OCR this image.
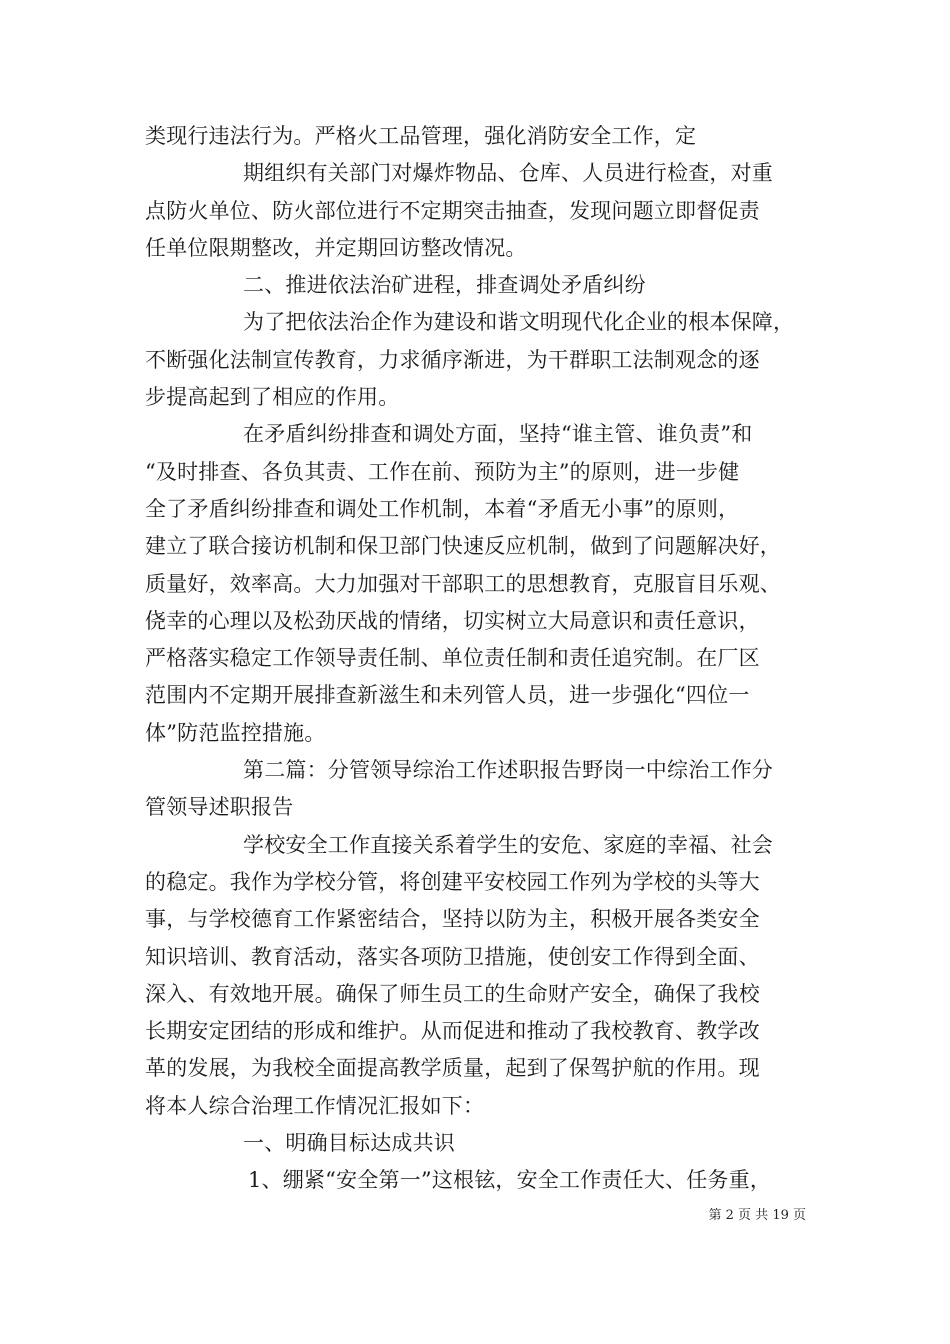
类现行违法行为。严格火工品管理，强化消防安全工作，定
期组织有关部门对爆炸物品、仓库、人员进行检查，对重
点防火单位、防火部位进行不定期突击抽查，发现问题立即督促责
任单位限期整改，并定期回访整改情况。
二、推进依法治矿进程，排查调处矛盾纠纷
为了把依法治企作为建设和谐文明现代化企业的根本保障，
不断强化法制宣传教育，力求循序渐进，为干群职工法制观念的逐
步提高起到了相应的作用。
在矛盾纠纷排查和调处方面，坚持“谁主管、谁负责”和
“及时排查、各负其责、工作在前、预防为主”的原则，进一步健
全了矛盾纠纷排查和调处工作机制，本着“矛盾无小事”的原则，
建立了联合接访机制和保卫部门快速反应机制，做到了问题解决好，
质量好，效率高。大力加强对干部职工的思想教育，克服盲目乐观、
侥幸的心理以及松劲厌战的情绪，切实树立大局意识和责任意识，
严格落实稳定工作领导责任制、单位责任制和责任追究制。在厂区
范围内不定期开展排查新滋生和未列管人员，进一步强化“四位一
体”防范监控措施。
第二篇：分管领导综治工作述职报告野岗一中综治工作分
管领导述职报告
学校安全工作直接关系着学生的安危、家庭的幸福、社会
的稳定。我作为学校分管，将创建平安校园工作列为学校的头等大
事，与学校德育工作紧密结合，坚持以防为主，积极开展各类安全
知识培训、教育活动，落实各项防卫措施，使创安工作得到全面、
深入、有效地开展。确保了师生员工的生命财产安全，确保了我校
长期安定团结的形成和维护。从而促进和推动了我校教育、教学改
革的发展，为我校全面提高教学质量，起到了保驾护航的作用。现
将本人综合治理工作情况汇报如下：
一、明确目标达成共识
1、绷紧“安全第一”这根铉，安全工作责任大、任务重，
第 2 页 共 19 页
